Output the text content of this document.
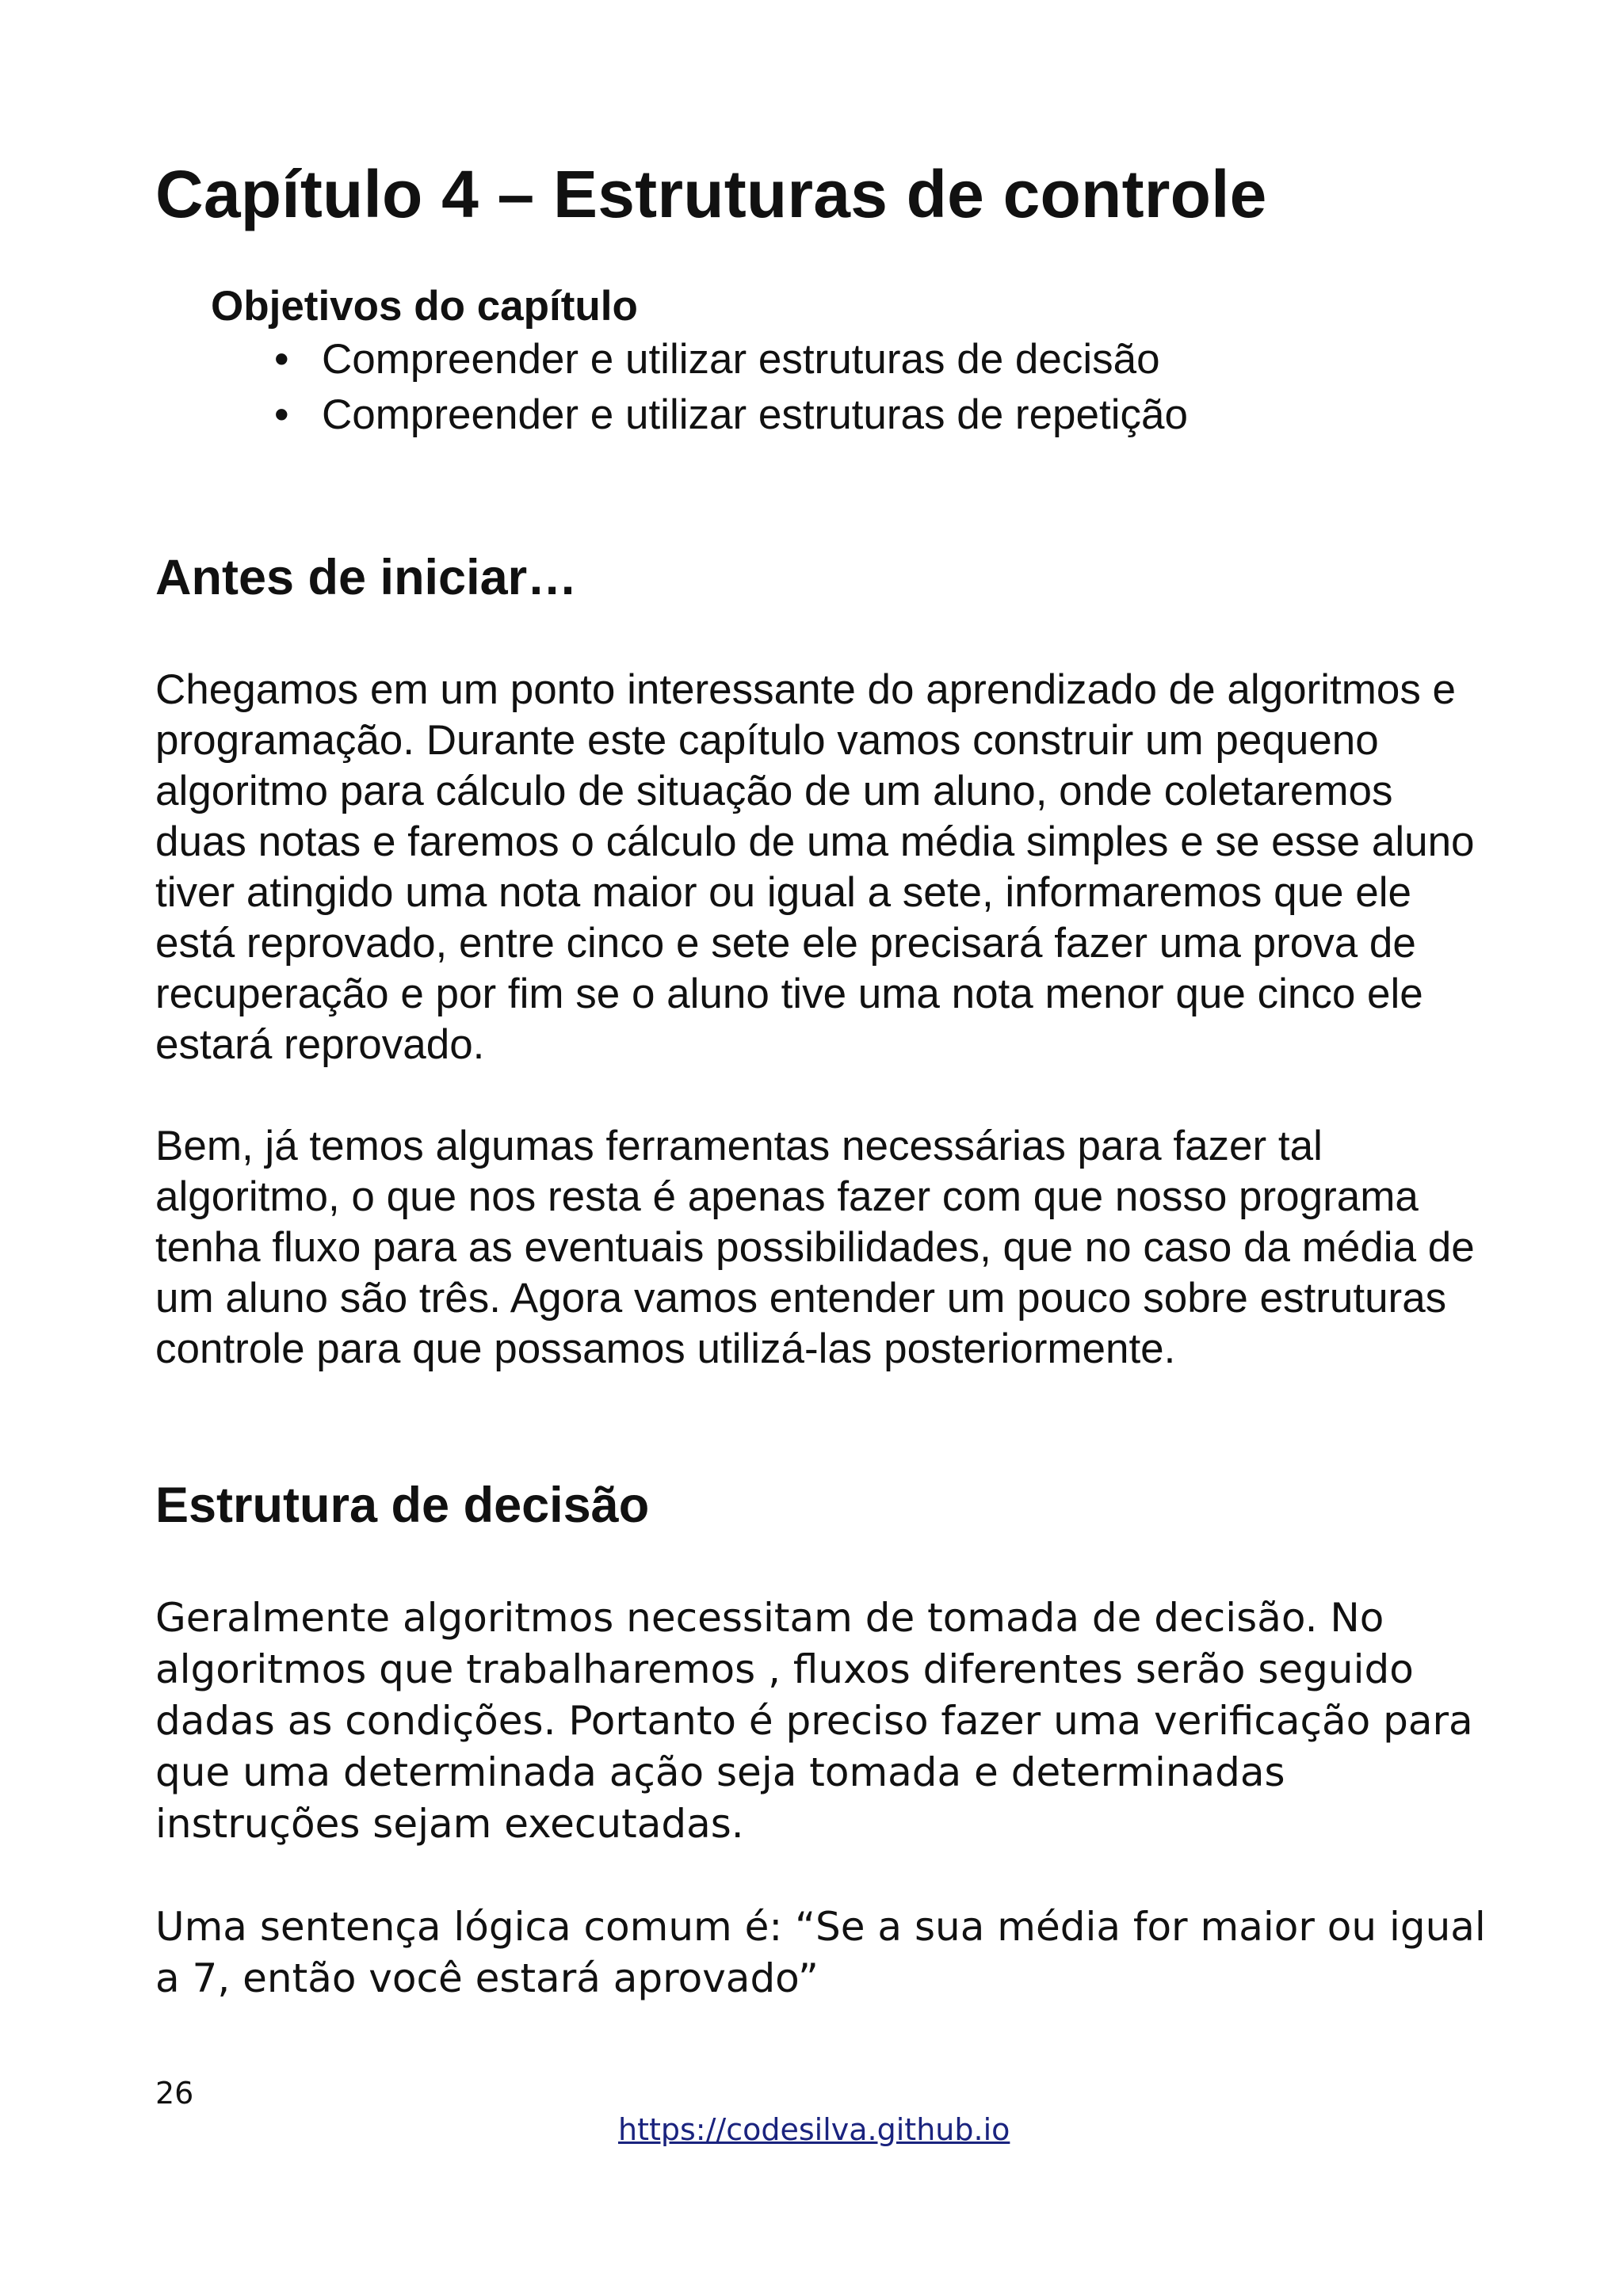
Capítulo 4 – Estruturas de controle
Objetivos do capítulo
• Compreender e utilizar estruturas de decisão
• Compreender e utilizar estruturas de repetição
Antes de iniciar…

Chegamos em um ponto interessante do aprendizado de algoritmos e programação. Durante este capítulo vamos construir um pequeno algoritmo para cálculo de situação de um aluno, onde coletaremos duas notas e faremos o cálculo de uma média simples e se esse aluno tiver atingido uma nota maior ou igual a sete, informaremos que ele está reprovado, entre cinco e sete ele precisará fazer uma prova de recuperação e por fim se o aluno tive uma nota menor que cinco ele estará reprovado.

Bem, já temos algumas ferramentas necessárias para fazer tal algoritmo, o que nos resta é apenas fazer com que nosso programa tenha fluxo para as eventuais possibilidades, que no caso da média de um aluno são três. Agora vamos entender um pouco sobre estruturas controle para que possamos utilizá-las posteriormente.

Estrutura de decisão

Geralmente algoritmos necessitam de tomada de decisão. No algoritmos que trabalharemos , fluxos diferentes serão seguido dadas as condições. Portanto é preciso fazer uma verificação para que uma determinada ação seja tomada e determinadas instruções sejam executadas.

Uma sentença lógica comum é: “Se a sua média for maior ou igual a 7, então você estará aprovado”

26
https://codesilva.github.io
